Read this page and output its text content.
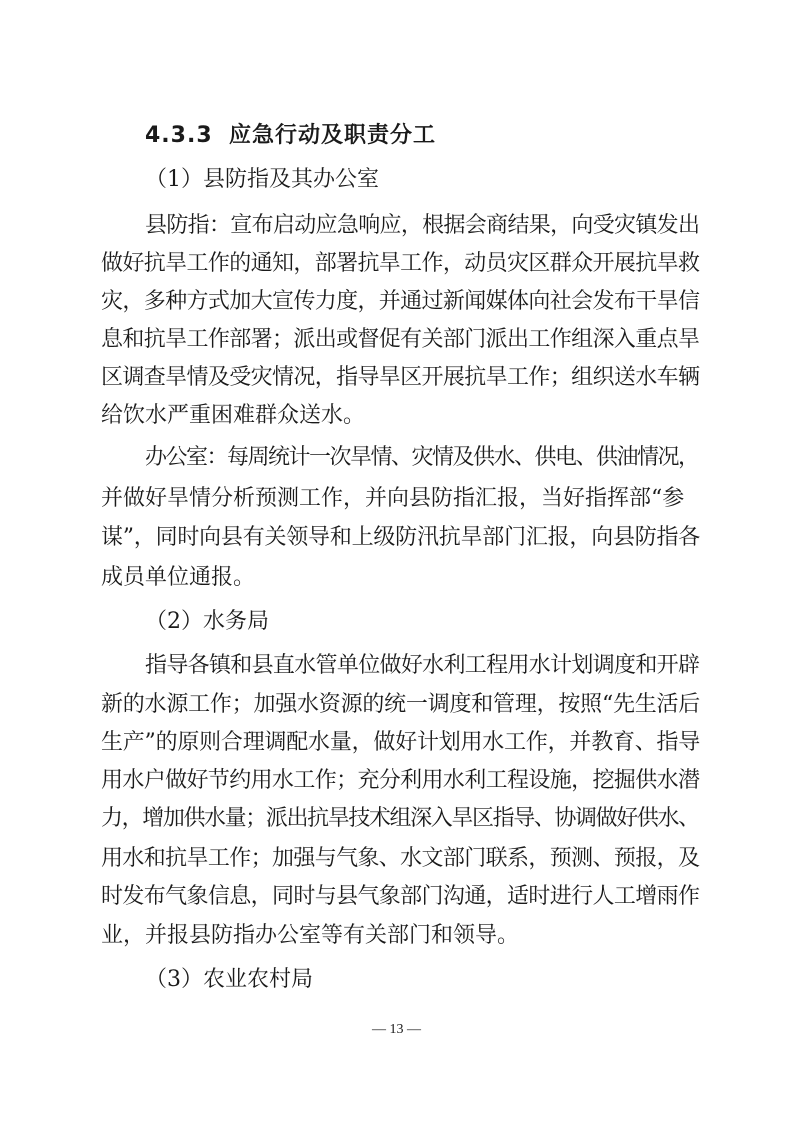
4.3.3 应急行动及职责分工
（1）县防指及其办公室
县防指：宣布启动应急响应，根据会商结果，向受灾镇发出
做好抗旱工作的通知，部署抗旱工作，动员灾区群众开展抗旱救
灾，多种方式加大宣传力度，并通过新闻媒体向社会发布干旱信
息和抗旱工作部署；派出或督促有关部门派出工作组深入重点旱
区调查旱情及受灾情况，指导旱区开展抗旱工作；组织送水车辆
给饮水严重困难群众送水。
办公室：每周统计一次旱情、灾情及供水、供电、供油情况，
并做好旱情分析预测工作，并向县防指汇报，当好指挥部“参
谋”，同时向县有关领导和上级防汛抗旱部门汇报，向县防指各
成员单位通报。
（2）水务局
指导各镇和县直水管单位做好水利工程用水计划调度和开辟
新的水源工作；加强水资源的统一调度和管理，按照“先生活后
生产”的原则合理调配水量，做好计划用水工作，并教育、指导
用水户做好节约用水工作；充分利用水利工程设施，挖掘供水潜
力，增加供水量；派出抗旱技术组深入旱区指导、协调做好供水、
用水和抗旱工作；加强与气象、水文部门联系，预测、预报，及
时发布气象信息，同时与县气象部门沟通，适时进行人工增雨作
业，并报县防指办公室等有关部门和领导。
（3）农业农村局
— 13 —
